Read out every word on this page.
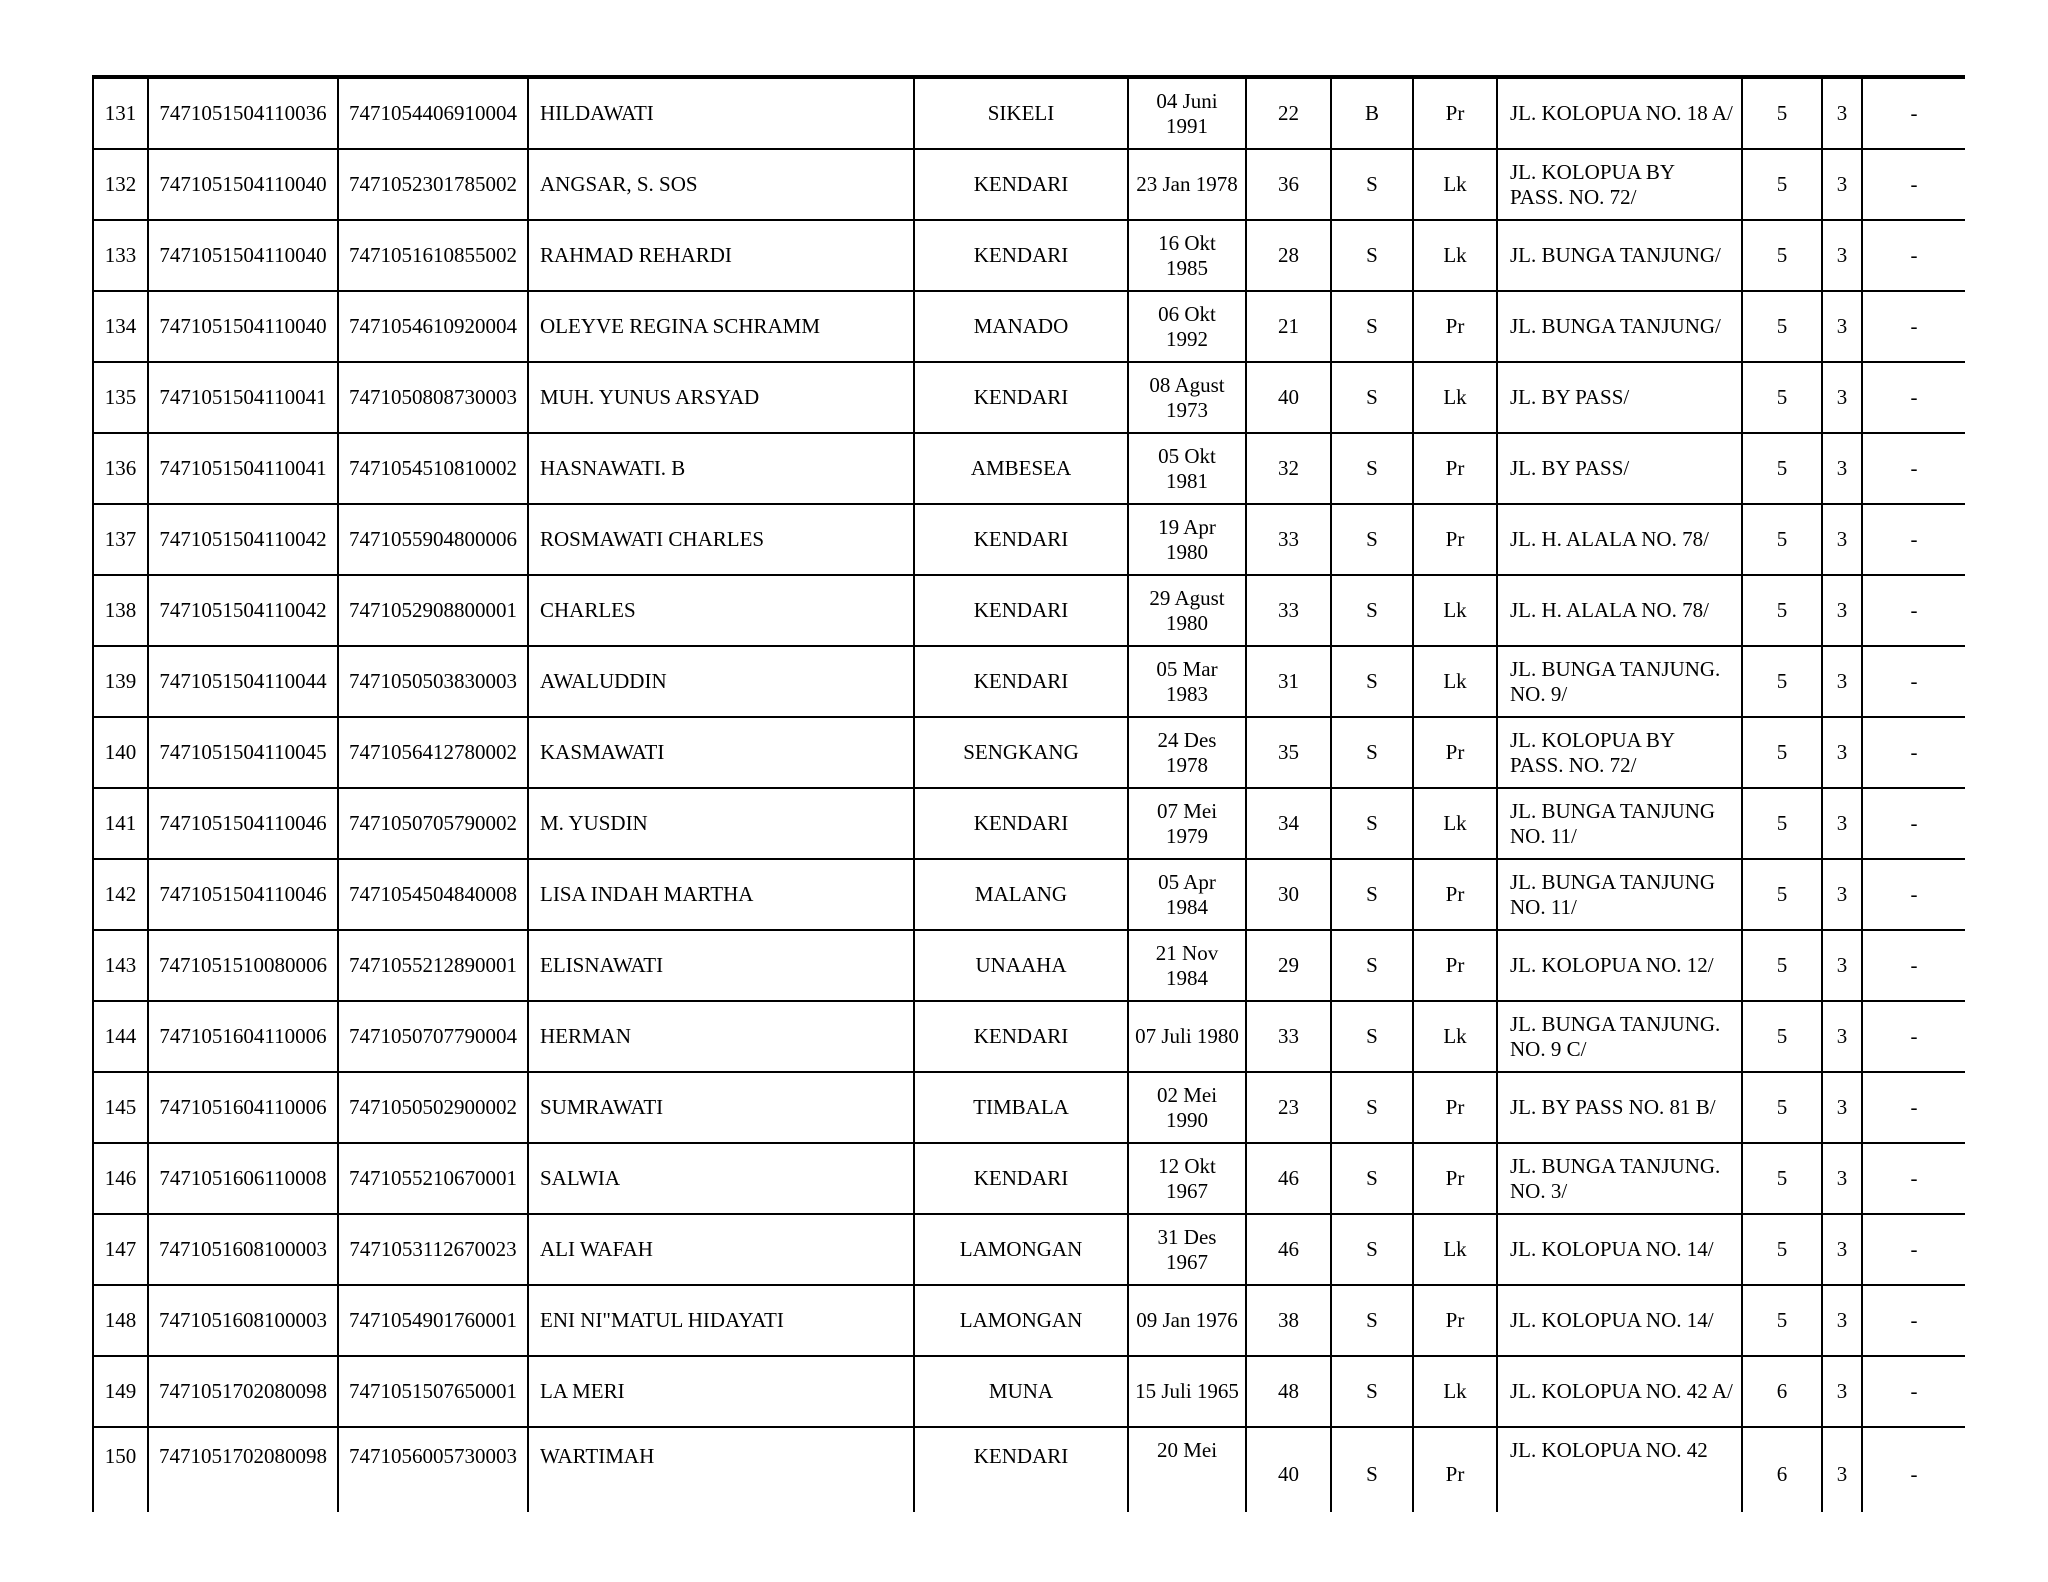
131	7471051504110036	7471054406910004	HILDAWATI	SIKELI	04 Juni 1991	22	B	Pr	JL. KOLOPUA NO. 18 A/	5	3	-
132	7471051504110040	7471052301785002	ANGSAR, S. SOS	KENDARI	23 Jan 1978	36	S	Lk	JL. KOLOPUA BY PASS. NO. 72/	5	3	-
133	7471051504110040	7471051610855002	RAHMAD REHARDI	KENDARI	16 Okt 1985	28	S	Lk	JL. BUNGA TANJUNG/	5	3	-
134	7471051504110040	7471054610920004	OLEYVE REGINA SCHRAMM	MANADO	06 Okt 1992	21	S	Pr	JL. BUNGA TANJUNG/	5	3	-
135	7471051504110041	7471050808730003	MUH. YUNUS ARSYAD	KENDARI	08 Agust 1973	40	S	Lk	JL. BY PASS/	5	3	-
136	7471051504110041	7471054510810002	HASNAWATI. B	AMBESEA	05 Okt 1981	32	S	Pr	JL. BY PASS/	5	3	-
137	7471051504110042	7471055904800006	ROSMAWATI CHARLES	KENDARI	19 Apr 1980	33	S	Pr	JL. H. ALALA NO. 78/	5	3	-
138	7471051504110042	7471052908800001	CHARLES	KENDARI	29 Agust 1980	33	S	Lk	JL. H. ALALA NO. 78/	5	3	-
139	7471051504110044	7471050503830003	AWALUDDIN	KENDARI	05 Mar 1983	31	S	Lk	JL. BUNGA TANJUNG. NO. 9/	5	3	-
140	7471051504110045	7471056412780002	KASMAWATI	SENGKANG	24 Des 1978	35	S	Pr	JL. KOLOPUA BY PASS. NO. 72/	5	3	-
141	7471051504110046	7471050705790002	M. YUSDIN	KENDARI	07 Mei 1979	34	S	Lk	JL. BUNGA TANJUNG NO. 11/	5	3	-
142	7471051504110046	7471054504840008	LISA INDAH MARTHA	MALANG	05 Apr 1984	30	S	Pr	JL. BUNGA TANJUNG NO. 11/	5	3	-
143	7471051510080006	7471055212890001	ELISNAWATI	UNAAHA	21 Nov 1984	29	S	Pr	JL. KOLOPUA NO. 12/	5	3	-
144	7471051604110006	7471050707790004	HERMAN	KENDARI	07 Juli 1980	33	S	Lk	JL. BUNGA TANJUNG. NO. 9 C/	5	3	-
145	7471051604110006	7471050502900002	SUMRAWATI	TIMBALA	02 Mei 1990	23	S	Pr	JL. BY PASS NO. 81 B/	5	3	-
146	7471051606110008	7471055210670001	SALWIA	KENDARI	12 Okt 1967	46	S	Pr	JL. BUNGA TANJUNG. NO. 3/	5	3	-
147	7471051608100003	7471053112670023	ALI WAFAH	LAMONGAN	31 Des 1967	46	S	Lk	JL. KOLOPUA NO. 14/	5	3	-
148	7471051608100003	7471054901760001	ENI NI"MATUL HIDAYATI	LAMONGAN	09 Jan 1976	38	S	Pr	JL. KOLOPUA NO. 14/	5	3	-
149	7471051702080098	7471051507650001	LA MERI	MUNA	15 Juli 1965	48	S	Lk	JL. KOLOPUA NO. 42 A/	6	3	-
150	7471051702080098	7471056005730003	WARTIMAH	KENDARI	20 Mei	40	S	Pr	JL. KOLOPUA NO. 42	6	3	-
